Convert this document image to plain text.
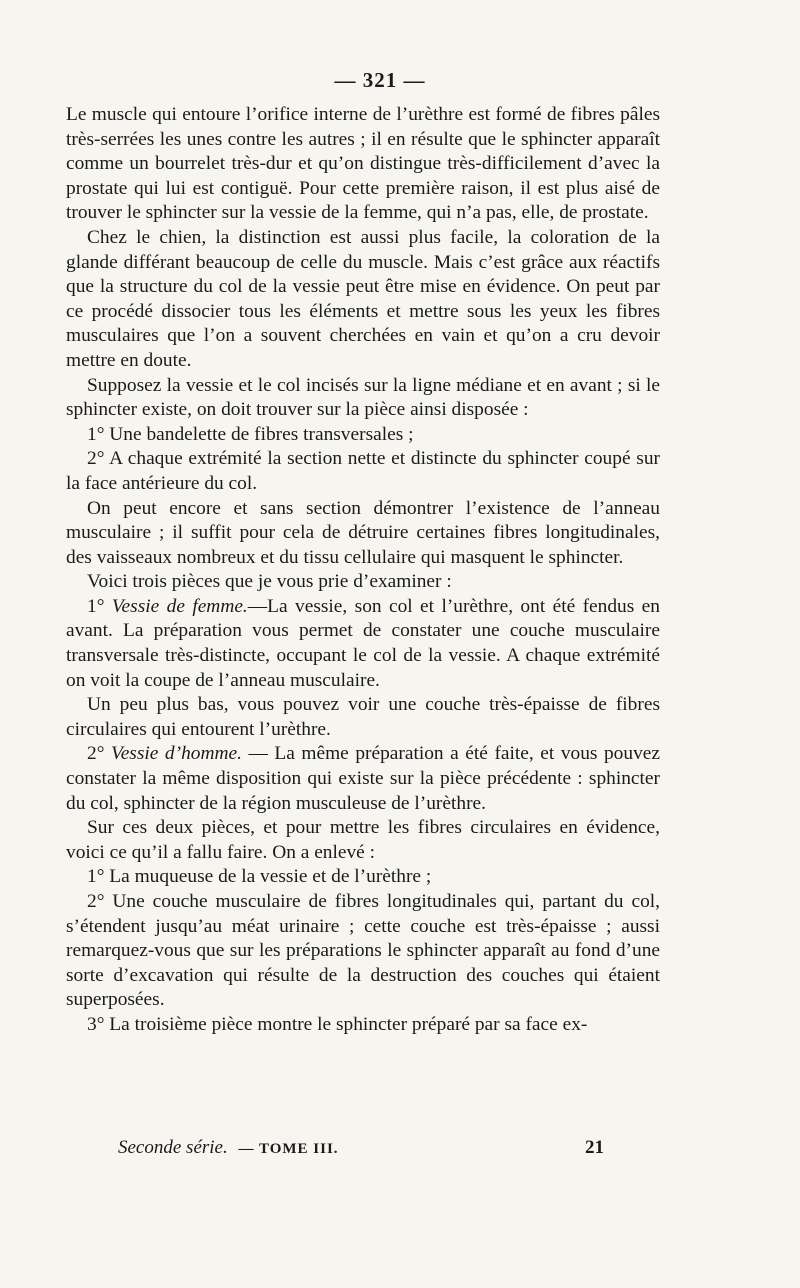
— 321 —

Le muscle qui entoure l’orifice interne de l’urèthre est formé de fibres pâles très-serrées les unes contre les autres ; il en résulte que le sphincter apparaît comme un bourrelet très-dur et qu’on distingue très-difficilement d’avec la prostate qui lui est contiguë. Pour cette première raison, il est plus aisé de trouver le sphincter sur la vessie de la femme, qui n’a pas, elle, de prostate.

Chez le chien, la distinction est aussi plus facile, la coloration de la glande différant beaucoup de celle du muscle. Mais c’est grâce aux réactifs que la structure du col de la vessie peut être mise en évidence. On peut par ce procédé dissocier tous les éléments et mettre sous les yeux les fibres musculaires que l’on a souvent cherchées en vain et qu’on a cru devoir mettre en doute.

Supposez la vessie et le col incisés sur la ligne médiane et en avant ; si le sphincter existe, on doit trouver sur la pièce ainsi disposée :

1° Une bandelette de fibres transversales ;

2° A chaque extrémité la section nette et distincte du sphincter coupé sur la face antérieure du col.

On peut encore et sans section démontrer l’existence de l’anneau musculaire ; il suffit pour cela de détruire certaines fibres longitudinales, des vaisseaux nombreux et du tissu cellulaire qui masquent le sphincter.

Voici trois pièces que je vous prie d’examiner :

1° Vessie de femme.—La vessie, son col et l’urèthre, ont été fendus en avant. La préparation vous permet de constater une couche musculaire transversale très-distincte, occupant le col de la vessie. A chaque extrémité on voit la coupe de l’anneau musculaire.

Un peu plus bas, vous pouvez voir une couche très-épaisse de fibres circulaires qui entourent l’urèthre.

2° Vessie d’homme. — La même préparation a été faite, et vous pouvez constater la même disposition qui existe sur la pièce précédente : sphincter du col, sphincter de la région musculeuse de l’urèthre.

Sur ces deux pièces, et pour mettre les fibres circulaires en évidence, voici ce qu’il a fallu faire. On a enlevé :

1° La muqueuse de la vessie et de l’urèthre ;

2° Une couche musculaire de fibres longitudinales qui, partant du col, s’étendent jusqu’au méat urinaire ; cette couche est très-épaisse ; aussi remarquez-vous que sur les préparations le sphincter apparaît au fond d’une sorte d’excavation qui résulte de la destruction des couches qui étaient superposées.

3° La troisième pièce montre le sphincter préparé par sa face ex-

Seconde série. — TOME III.	21
